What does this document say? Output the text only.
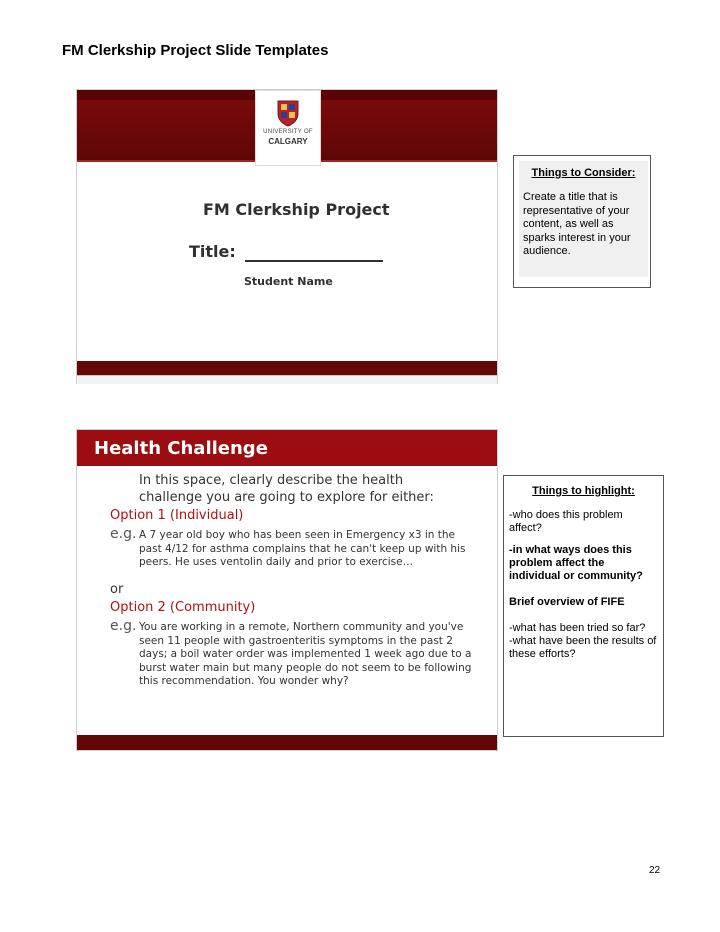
FM Clerkship Project Slide Templates
UNIVERSITY OF
CALGARY
FM Clerkship Project
Title:
Student Name
Things to Consider:
Create a title that is representative of your content, as well as sparks interest in your audience.
Health Challenge
In this space, clearly describe the health challenge you are going to explore for either:
Option 1 (Individual)
e.g. A 7 year old boy who has been seen in Emergency x3 in the past 4/12 for asthma complains that he can't keep up with his peers. He uses ventolin daily and prior to exercise…
or
Option 2 (Community)
e.g. You are working in a remote, Northern community and you've seen 11 people with gastroenteritis symptoms in the past 2 days; a boil water order was implemented 1 week ago due to a burst water main but many people do not seem to be following this recommendation. You wonder why?
Things to highlight:
-who does this problem affect?
-in what ways does this problem affect the individual or community?
Brief overview of FIFE
-what has been tried so far?
-what have been the results of these efforts?
22
